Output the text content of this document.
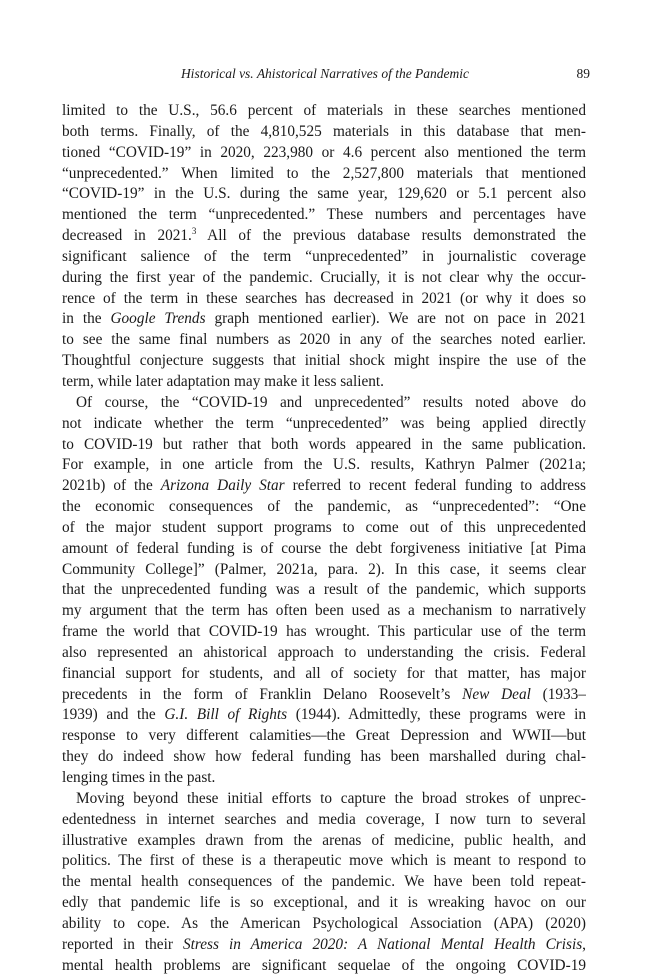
Historical vs. Ahistorical Narratives of the Pandemic	89
limited to the U.S., 56.6 percent of materials in these searches mentioned
both terms. Finally, of the 4,810,525 materials in this database that men-
tioned “COVID-19” in 2020, 223,980 or 4.6 percent also mentioned the term
“unprecedented.” When limited to the 2,527,800 materials that mentioned
“COVID-19” in the U.S. during the same year, 129,620 or 5.1 percent also
mentioned the term “unprecedented.” These numbers and percentages have
decreased in 2021.$^3$ All of the previous database results demonstrated the
significant salience of the term “unprecedented” in journalistic coverage
during the first year of the pandemic. Crucially, it is not clear why the occur-
rence of the term in these searches has decreased in 2021 (or why it does so
in the Google Trends graph mentioned earlier). We are not on pace in 2021
to see the same final numbers as 2020 in any of the searches noted earlier.
Thoughtful conjecture suggests that initial shock might inspire the use of the
term, while later adaptation may make it less salient.
Of course, the “COVID-19 and unprecedented” results noted above do
not indicate whether the term “unprecedented” was being applied directly
to COVID-19 but rather that both words appeared in the same publication.
For example, in one article from the U.S. results, Kathryn Palmer (2021a;
2021b) of the Arizona Daily Star referred to recent federal funding to address
the economic consequences of the pandemic, as “unprecedented”: “One
of the major student support programs to come out of this unprecedented
amount of federal funding is of course the debt forgiveness initiative [at Pima
Community College]” (Palmer, 2021a, para. 2). In this case, it seems clear
that the unprecedented funding was a result of the pandemic, which supports
my argument that the term has often been used as a mechanism to narratively
frame the world that COVID-19 has wrought. This particular use of the term
also represented an ahistorical approach to understanding the crisis. Federal
financial support for students, and all of society for that matter, has major
precedents in the form of Franklin Delano Roosevelt’s New Deal (1933–
1939) and the G.I. Bill of Rights (1944). Admittedly, these programs were in
response to very different calamities—the Great Depression and WWII—but
they do indeed show how federal funding has been marshalled during chal-
lenging times in the past.
Moving beyond these initial efforts to capture the broad strokes of unprec-
edentedness in internet searches and media coverage, I now turn to several
illustrative examples drawn from the arenas of medicine, public health, and
politics. The first of these is a therapeutic move which is meant to respond to
the mental health consequences of the pandemic. We have been told repeat-
edly that pandemic life is so exceptional, and it is wreaking havoc on our
ability to cope. As the American Psychological Association (APA) (2020)
reported in their Stress in America 2020: A National Mental Health Crisis,
mental health problems are significant sequelae of the ongoing COVID-19
